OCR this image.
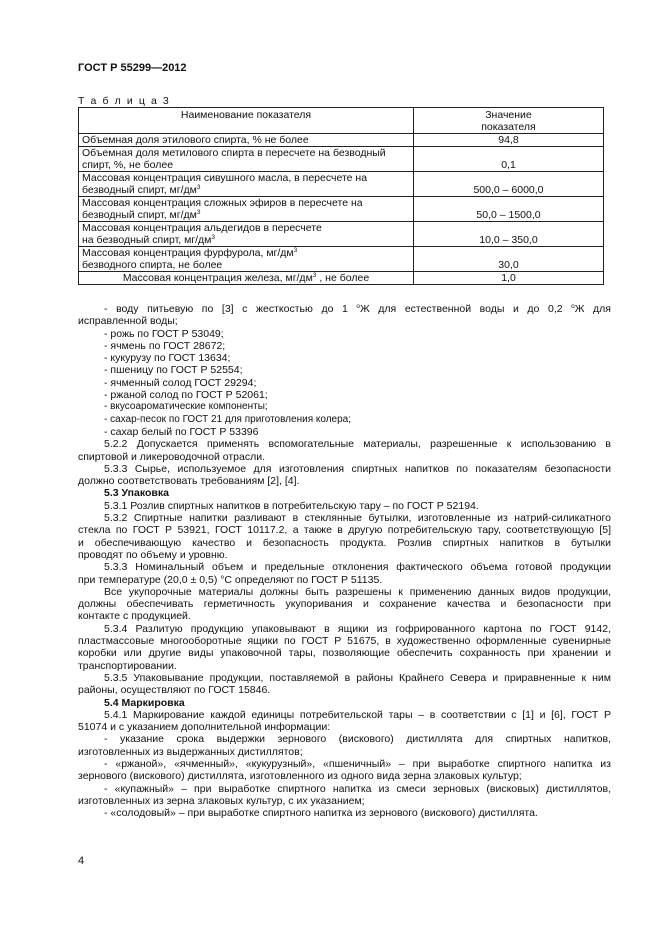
ГОСТ Р 55299—2012
Т а б л и ц а 3
Наименование показателя	Значение
показателя

Объемная доля этилового спирта, % не более	94,8

Объемная доля метилового спирта в пересчете на безводный
спирт, %, не более	0,1

Массовая концентрация сивушного масла, в пересчете на
безводный спирт, $мг/дм^3$	500,0 – 6000,0

Массовая концентрация сложных эфиров в пересчете на
безводный спирт, $мг/дм^3$	50,0 – 1500,0

Массовая концентрация альдегидов в пересчете
на безводный спирт, $мг/дм^3$	10,0 – 350,0

Массовая концентрация фурфурола, $мг/дм^3$
безводного спирта, не более	30,0
Массовая концентрация железа, $мг/дм^3$ , не более	1,0

- воду питьевую по [3] с жесткостью до 1 $^о$Ж для естественной воды и до 0,2 $^о$Ж для

исправленной воды;

- рожь по ГОСТ Р 53049;

- ячмень по ГОСТ 28672;

- кукурузу по ГОСТ 13634;

- пшеницу по ГОСТ Р 52554;

- ячменный солод ГОСТ 29294;

- ржаной солод по ГОСТ Р 52061;

- вкусоароматические компоненты;

- сахар-песок по ГОСТ 21 для приготовления колера;

- сахар белый по ГОСТ Р 53396

5.2.2 Допускается применять вспомогательные материалы, разрешенные к использованию в

спиртовой и ликероводочной отрасли.

5.3.3 Сырье, используемое для изготовления спиртных напитков по показателям безопасности

должно соответствовать требованиям [2], [4].

5.3 Упаковка

5.3.1 Розлив спиртных напитков в потребительскую тару – по ГОСТ Р 52194.

5.3.2 Спиртные напитки разливают в стеклянные бутылки, изготовленные из натрий-силикатного

стекла по ГОСТ Р 53921, ГОСТ 10117.2, а также в другую потребительскую тару, соответствующую [5]

и обеспечивающую качество и безопасность продукта. Розлив спиртных напитков в бутылки

проводят по объему и уровню.

5.3.3 Номинальный объем и предельные отклонения фактического объема готовой продукции

при температуре (20,0 ± 0,5) °С определяют по ГОСТ Р 51135.

Все укупорочные материалы должны быть разрешены к применению данных видов продукции,

должны обеспечивать герметичность укупоривания и сохранение качества и безопасности при

контакте с продукцией.

5.3.4 Разлитую продукцию упаковывают в ящики из гофрированного картона по ГОСТ 9142,

пластмассовые многооборотные ящики по ГОСТ Р 51675, в художественно оформленные сувенирные

коробки или другие виды упаковочной тары, позволяющие обеспечить сохранность при хранении и

транспортировании.

5.3.5 Упаковывание продукции, поставляемой в районы Крайнего Севера и приравненные к ним

районы, осуществляют по ГОСТ 15846.

5.4 Маркировка

5.4.1 Маркирование каждой единицы потребительской тары – в соответствии с [1] и [6], ГОСТ Р

51074 и с указанием дополнительной информации:

- указание срока выдержки зернового (вискового) дистиллята для спиртных напитков,

изготовленных из выдержанных дистиллятов;

- «ржаной», «ячменный», «кукурузный», «пшеничный» – при выработке спиртного напитка из

зернового (вискового) дистиллята, изготовленного из одного вида зерна злаковых культур;

- «купажный» – при выработке спиртного напитка из смеси зерновых (висковых) дистиллятов,

изготовленных из зерна злаковых культур, с их указанием;

- «солодовый» – при выработке спиртного напитка из зернового (вискового) дистиллята.

4
